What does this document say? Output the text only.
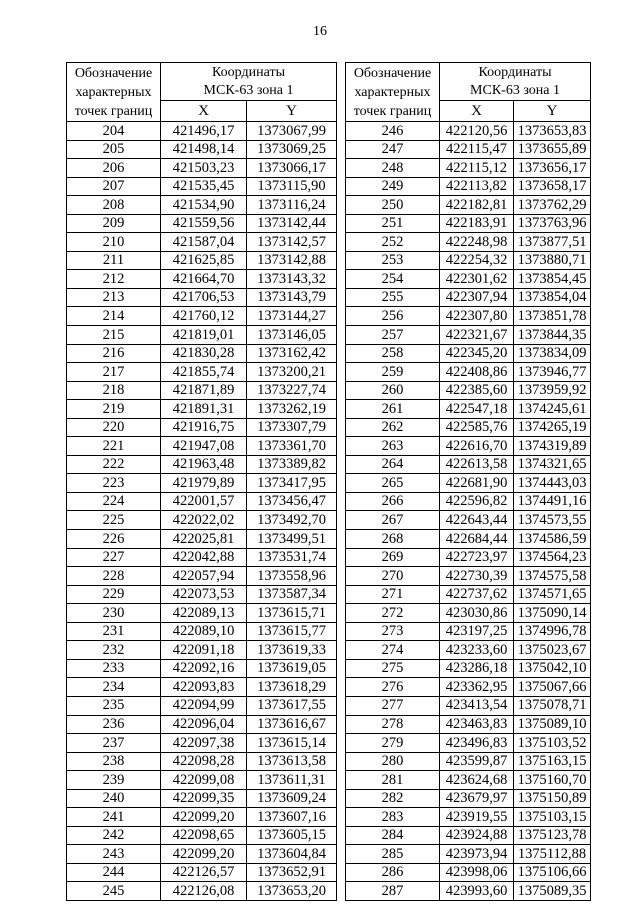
16
Обозначение
характерных
точек границ	Координаты
МСК-63 зона 1	
	X	Y
204	421496,17	1373067,99
205	421498,14	1373069,25
206	421503,23	1373066,17
207	421535,45	1373115,90
208	421534,90	1373116,24
209	421559,56	1373142,44
210	421587,04	1373142,57
211	421625,85	1373142,88
212	421664,70	1373143,32
213	421706,53	1373143,79
214	421760,12	1373144,27
215	421819,01	1373146,05
216	421830,28	1373162,42
217	421855,74	1373200,21
218	421871,89	1373227,74
219	421891,31	1373262,19
220	421916,75	1373307,79
221	421947,08	1373361,70
222	421963,48	1373389,82
223	421979,89	1373417,95
224	422001,57	1373456,47
225	422022,02	1373492,70
226	422025,81	1373499,51
227	422042,88	1373531,74
228	422057,94	1373558,96
229	422073,53	1373587,34
230	422089,13	1373615,71
231	422089,10	1373615,77
232	422091,18	1373619,33
233	422092,16	1373619,05
234	422093,83	1373618,29
235	422094,99	1373617,55
236	422096,04	1373616,67
237	422097,38	1373615,14
238	422098,28	1373613,58
239	422099,08	1373611,31
240	422099,35	1373609,24
241	422099,20	1373607,16
242	422098,65	1373605,15
243	422099,20	1373604,84
244	422126,57	1373652,91
245	422126,08	1373653,20
Обозначение
характерных
точек границ	Координаты
МСК-63 зона 1	
	X	Y
246	422120,56	1373653,83
247	422115,47	1373655,89
248	422115,12	1373656,17
249	422113,82	1373658,17
250	422182,81	1373762,29
251	422183,91	1373763,96
252	422248,98	1373877,51
253	422254,32	1373880,71
254	422301,62	1373854,45
255	422307,94	1373854,04
256	422307,80	1373851,78
257	422321,67	1373844,35
258	422345,20	1373834,09
259	422408,86	1373946,77
260	422385,60	1373959,92
261	422547,18	1374245,61
262	422585,76	1374265,19
263	422616,70	1374319,89
264	422613,58	1374321,65
265	422681,90	1374443,03
266	422596,82	1374491,16
267	422643,44	1374573,55
268	422684,44	1374586,59
269	422723,97	1374564,23
270	422730,39	1374575,58
271	422737,62	1374571,65
272	423030,86	1375090,14
273	423197,25	1374996,78
274	423233,60	1375023,67
275	423286,18	1375042,10
276	423362,95	1375067,66
277	423413,54	1375078,71
278	423463,83	1375089,10
279	423496,83	1375103,52
280	423599,87	1375163,15
281	423624,68	1375160,70
282	423679,97	1375150,89
283	423919,55	1375103,15
284	423924,88	1375123,78
285	423973,94	1375112,88
286	423998,06	1375106,66
287	423993,60	1375089,35
